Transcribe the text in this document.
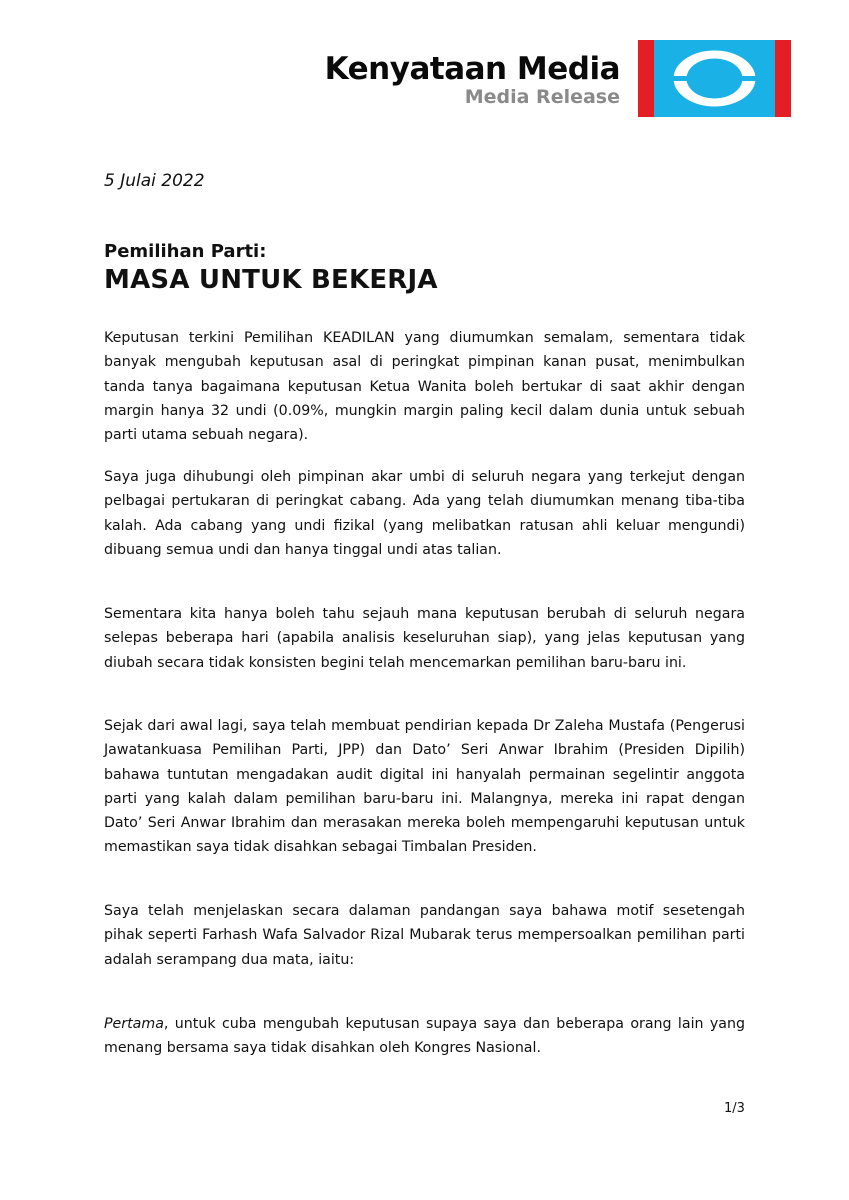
Kenyataan Media
Media Release
5 Julai 2022
Pemilihan Parti:
MASA UNTUK BEKERJA

Keputusan terkini Pemilihan KEADILAN yang diumumkan semalam, sementara tidak banyak mengubah keputusan asal di peringkat pimpinan kanan pusat, menimbulkan tanda tanya bagaimana keputusan Ketua Wanita boleh bertukar di saat akhir dengan margin hanya 32 undi (0.09%, mungkin margin paling kecil dalam dunia untuk sebuah parti utama sebuah negara).

Saya juga dihubungi oleh pimpinan akar umbi di seluruh negara yang terkejut dengan pelbagai pertukaran di peringkat cabang. Ada yang telah diumumkan menang tiba-tiba kalah. Ada cabang yang undi fizikal (yang melibatkan ratusan ahli keluar mengundi) dibuang semua undi dan hanya tinggal undi atas talian.

Sementara kita hanya boleh tahu sejauh mana keputusan berubah di seluruh negara selepas beberapa hari (apabila analisis keseluruhan siap), yang jelas keputusan yang diubah secara tidak konsisten begini telah mencemarkan pemilihan baru-baru ini.

Sejak dari awal lagi, saya telah membuat pendirian kepada Dr Zaleha Mustafa (Pengerusi Jawatankuasa Pemilihan Parti, JPP) dan Dato’ Seri Anwar Ibrahim (Presiden Dipilih) bahawa tuntutan mengadakan audit digital ini hanyalah permainan segelintir anggota parti yang kalah dalam pemilihan baru-baru ini. Malangnya, mereka ini rapat dengan Dato’ Seri Anwar Ibrahim dan merasakan mereka boleh mempengaruhi keputusan untuk memastikan saya tidak disahkan sebagai Timbalan Presiden.

Saya telah menjelaskan secara dalaman pandangan saya bahawa motif sesetengah pihak seperti Farhash Wafa Salvador Rizal Mubarak terus mempersoalkan pemilihan parti adalah serampang dua mata, iaitu:

Pertama, untuk cuba mengubah keputusan supaya saya dan beberapa orang lain yang menang bersama saya tidak disahkan oleh Kongres Nasional.

1/3
